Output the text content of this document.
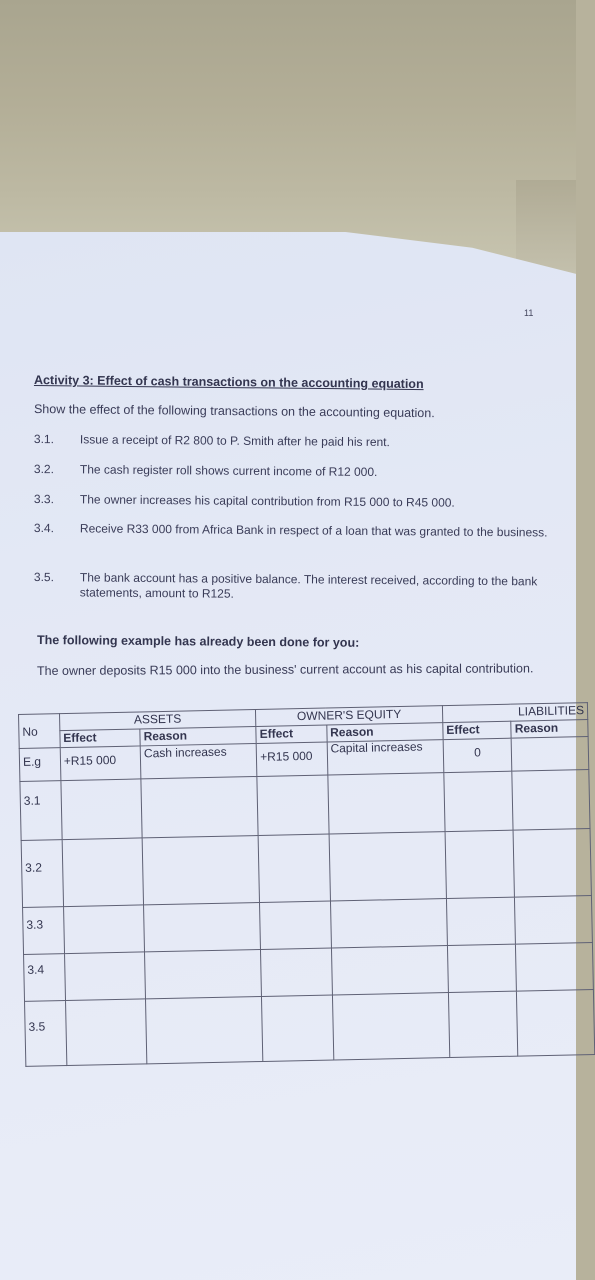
11
Activity 3: Effect of cash transactions on the accounting equation
Show the effect of the following transactions on the accounting equation.
3.1. Issue a receipt of R2 800 to P. Smith after he paid his rent.
3.2. The cash register roll shows current income of R12 000.
3.3. The owner increases his capital contribution from R15 000 to R45 000.
3.4. Receive R33 000 from Africa Bank in respect of a loan that was granted to the business.
3.5. The bank account has a positive balance. The interest received, according to the bank statements, amount to R125.
The following example has already been done for you:
The owner deposits R15 000 into the business' current account as his capital contribution.
No	ASSETS		OWNER'S EQUITY		LIABILITIES	
	Effect	Reason	Effect	Reason	Effect	Reason
E.g	+R15 000	Cash increases	+R15 000	Capital increases	0	
3.1						
3.2						
3.3						
3.4						
3.5						
